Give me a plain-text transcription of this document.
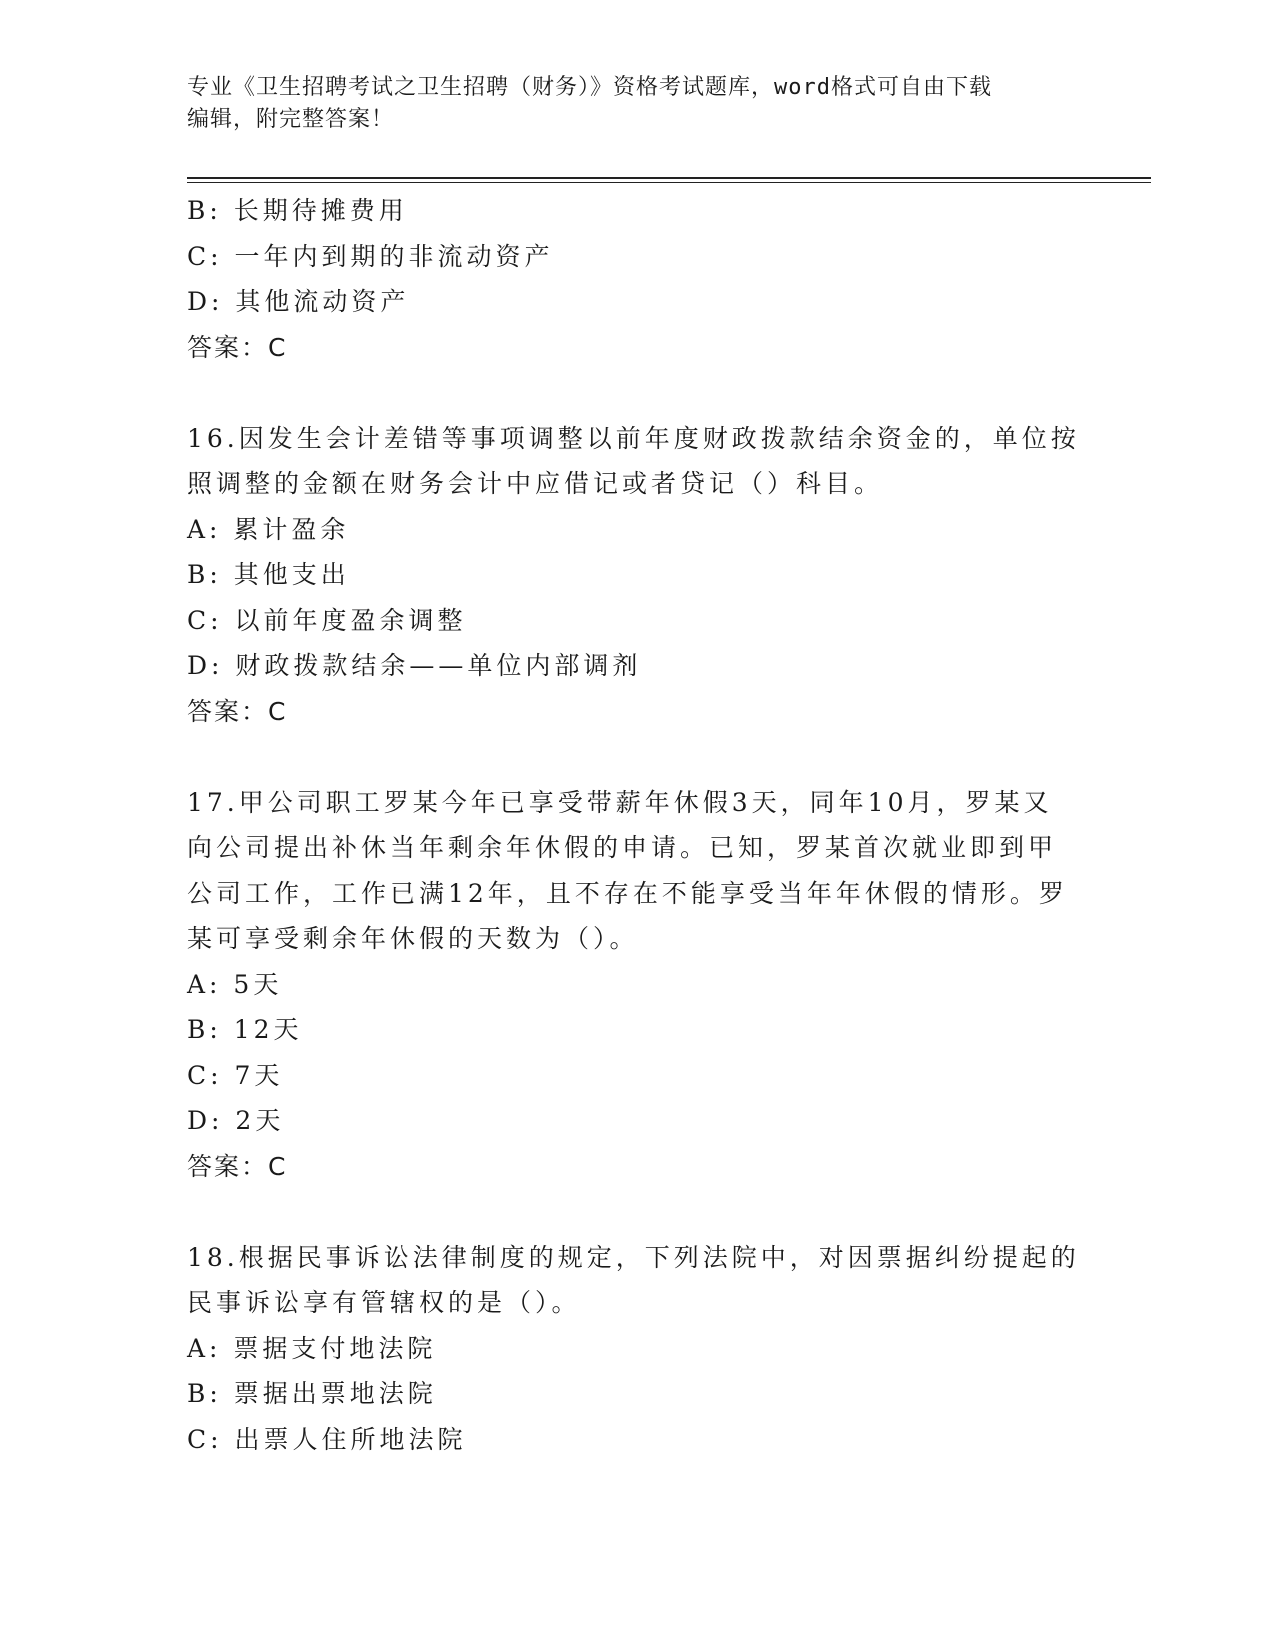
专业《卫生招聘考试之卫生招聘（财务）》资格考试题库，word格式可自由下载
编辑，附完整答案！
B: 长期待摊费用
C: 一年内到期的非流动资产
D: 其他流动资产
答案：C
16.因发生会计差错等事项调整以前年度财政拨款结余资金的，单位按
照调整的金额在财务会计中应借记或者贷记（）科目。
A: 累计盈余
B: 其他支出
C: 以前年度盈余调整
D: 财政拨款结余——单位内部调剂
答案：C
17.甲公司职工罗某今年已享受带薪年休假3天，同年10月，罗某又
向公司提出补休当年剩余年休假的申请。已知，罗某首次就业即到甲
公司工作，工作已满12年，且不存在不能享受当年年休假的情形。罗
某可享受剩余年休假的天数为（）。
A: 5天
B: 12天
C: 7天
D: 2天
答案：C
18.根据民事诉讼法律制度的规定，下列法院中，对因票据纠纷提起的
民事诉讼享有管辖权的是（）。
A: 票据支付地法院
B: 票据出票地法院
C: 出票人住所地法院
